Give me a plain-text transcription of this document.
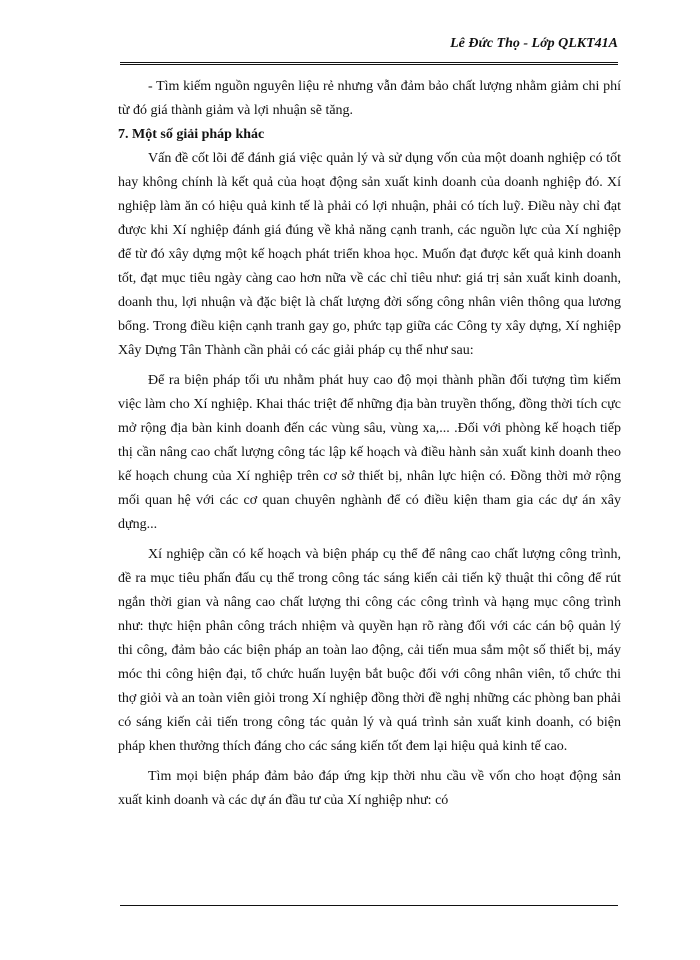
Lê Đức Thọ - Lớp QLKT41A

- Tìm kiếm nguồn nguyên liệu rẻ nhưng vẫn đảm bảo chất lượng nhằm giảm chi phí từ đó giá thành giảm và lợi nhuận sẽ tăng.

7. Một số giải pháp khác

Vấn đề cốt lõi để đánh giá việc quản lý và sử dụng vốn của một doanh nghiệp có tốt hay không chính là kết quả của hoạt động sản xuất kinh doanh của doanh nghiệp đó. Xí nghiệp làm ăn có hiệu quả kinh tế là phải có lợi nhuận, phải có tích luỹ. Điều này chỉ đạt được khi Xí nghiệp đánh giá đúng về khả năng cạnh tranh, các nguồn lực của Xí nghiệp để từ đó xây dựng một kế hoạch phát triển khoa học. Muốn đạt được kết quả kinh doanh tốt, đạt mục tiêu ngày càng cao hơn nữa về các chỉ tiêu như: giá trị sản xuất kinh doanh, doanh thu, lợi nhuận và đặc biệt là chất lượng đời sống công nhân viên thông qua lương bổng. Trong điều kiện cạnh tranh gay go, phức tạp giữa các Công ty xây dựng, Xí nghiệp Xây Dựng Tân Thành cần phải có các giải pháp cụ thể như sau:

Để ra biện pháp tối ưu nhằm phát huy cao độ mọi thành phần đối tượng tìm kiếm việc làm cho Xí nghiệp. Khai thác triệt để những địa bàn truyền thống, đồng thời tích cực mở rộng địa bàn kinh doanh đến các vùng sâu, vùng xa,... .Đối với phòng kế hoạch tiếp thị cần nâng cao chất lượng công tác lập kế hoạch và điều hành sản xuất kinh doanh theo kế hoạch chung của Xí nghiệp trên cơ sở thiết bị, nhân lực hiện có. Đồng thời mở rộng mối quan hệ với các cơ quan chuyên nghành để có điều kiện tham gia các dự án xây dựng...

Xí nghiệp cần có kế hoạch và biện pháp cụ thể để nâng cao chất lượng công trình, đề ra mục tiêu phấn đấu cụ thể trong công tác sáng kiến cải tiến kỹ thuật thi công để rút ngắn thời gian và nâng cao chất lượng thi công các công trình và hạng mục công trình như: thực hiện phân công trách nhiệm và quyền hạn rõ ràng đối với các cán bộ quản lý thi công, đảm bảo các biện pháp an toàn lao động, cải tiến mua sắm một số thiết bị, máy móc thi công hiện đại, tổ chức huấn luyện bắt buộc đối với công nhân viên, tổ chức thi thợ giỏi và an toàn viên giỏi trong Xí nghiệp đồng thời đề nghị những các phòng ban phải có sáng kiến cải tiến trong công tác quản lý và quá trình sản xuất kinh doanh, có biện pháp khen thưởng thích đáng cho các sáng kiến tốt đem lại hiệu quả kinh tế cao.

Tìm mọi biện pháp đảm bảo đáp ứng kịp thời nhu cầu về vốn cho hoạt động sản xuất kinh doanh và các dự án đầu tư của Xí nghiệp như: có
